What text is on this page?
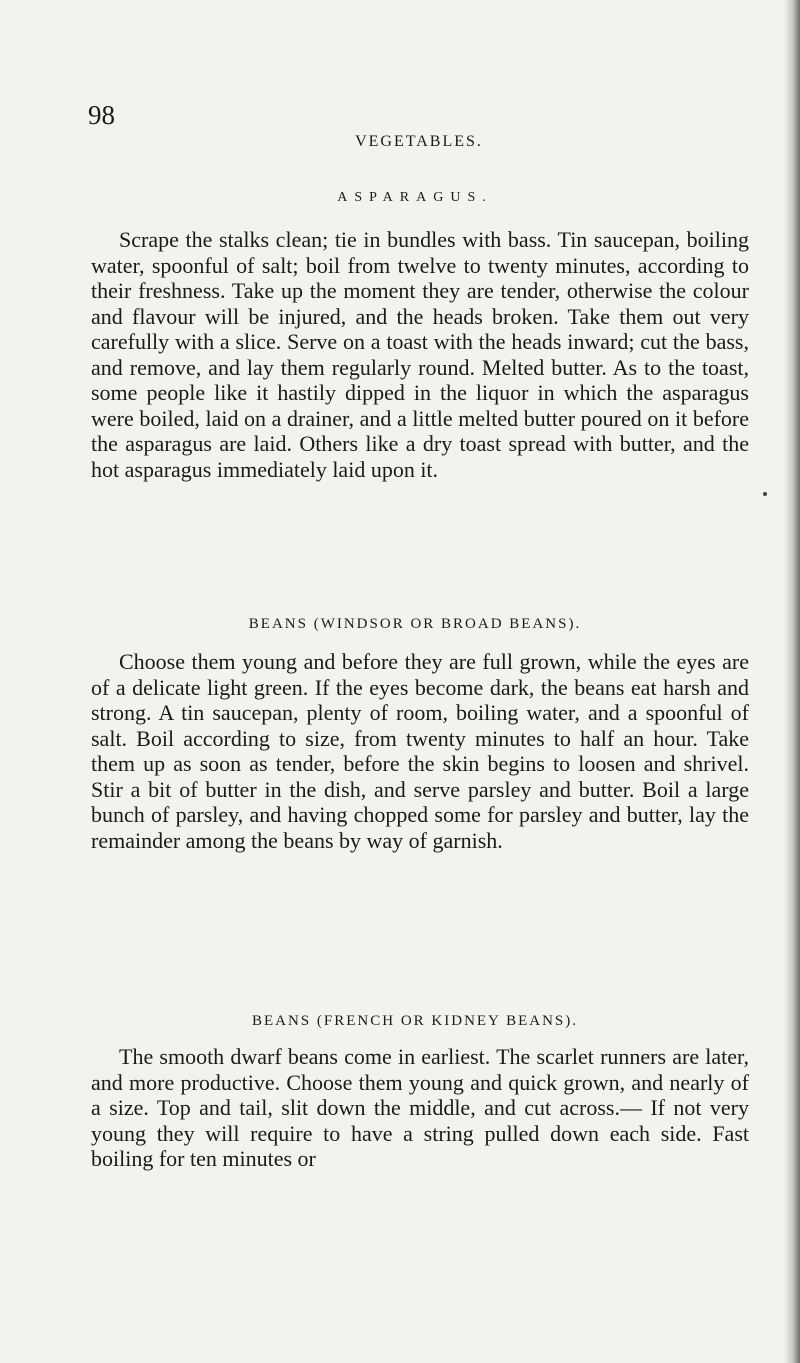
98
VEGETABLES.
ASPARAGUS.

Scrape the stalks clean; tie in bundles with bass. Tin saucepan, boiling water, spoonful of salt; boil from twelve to twenty minutes, according to their freshness. Take up the moment they are tender, otherwise the colour and flavour will be injured, and the heads broken. Take them out very carefully with a slice. Serve on a toast with the heads inward; cut the bass, and remove, and lay them regularly round. Melted butter. As to the toast, some people like it hastily dipped in the liquor in which the asparagus were boiled, laid on a drainer, and a little melted butter poured on it before the asparagus are laid. Others like a dry toast spread with butter, and the hot asparagus immediately laid upon it.

BEANS (WINDSOR OR BROAD BEANS).

Choose them young and before they are full grown, while the eyes are of a delicate light green. If the eyes become dark, the beans eat harsh and strong. A tin saucepan, plenty of room, boiling water, and a spoonful of salt. Boil according to size, from twenty minutes to half an hour. Take them up as soon as tender, before the skin begins to loosen and shrivel. Stir a bit of butter in the dish, and serve parsley and butter. Boil a large bunch of parsley, and having chopped some for parsley and butter, lay the remainder among the beans by way of garnish.

BEANS (FRENCH OR KIDNEY BEANS).

The smooth dwarf beans come in earliest. The scarlet runners are later, and more productive. Choose them young and quick grown, and nearly of a size. Top and tail, slit down the middle, and cut across.— If not very young they will require to have a string pulled down each side. Fast boiling for ten minutes or
